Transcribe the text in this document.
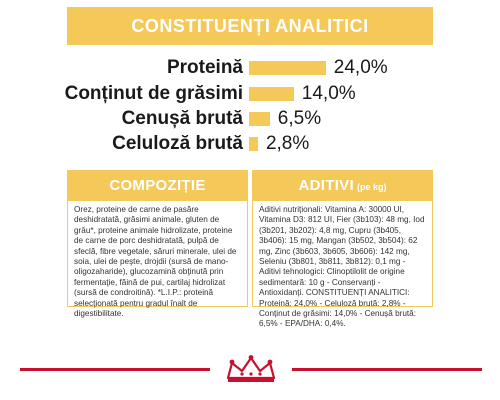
CONSTITUENȚI ANALITICI
Proteină	24,0%
Conținut de grăsimi	14,0%
Cenușă brută 6,5%
Celuloză brută 2,8%
COMPOZIȚIE
Orez, proteine de carne de pasăre deshidratată, grăsimi animale, gluten de grâu*, proteine animale hidrolizate, proteine de carne de porc deshidratată, pulpă de sfeclă, fibre vegetale, săruri minerale, ulei de soia, ulei de peşte, drojdii (sursă de mano-oligozaharide), glucozamină obţinută prin fermentaţie, făină de pui, cartilaj hidrolizat (sursă de condroitină). *L.I.P.: proteină selecţionată pentru gradul înalt de digestibilitate.
ADITIVI (pe kg)
Aditivi nutriționali: Vitamina A: 30000 UI, Vitamina D3: 812 UI, Fier (3b103): 48 mg, Iod (3b201, 3b202): 4,8 mg, Cupru (3b405, 3b406): 15 mg, Mangan (3b502, 3b504): 62 mg, Zinc (3b603, 3b605, 3b606): 142 mg, Seleniu (3b801, 3b811, 3b812): 0,1 mg - Aditivi tehnologici: Clinoptilolit de origine sedimentară: 10 g - Conservanți - Antioxidanți. CONSTITUENȚI ANALITICI: Proteină: 24,0% - Celuloză brută: 2,8% - Conținut de grăsimi: 14,0% - Cenușă brută: 6,5% - EPA/DHA: 0,4%.
